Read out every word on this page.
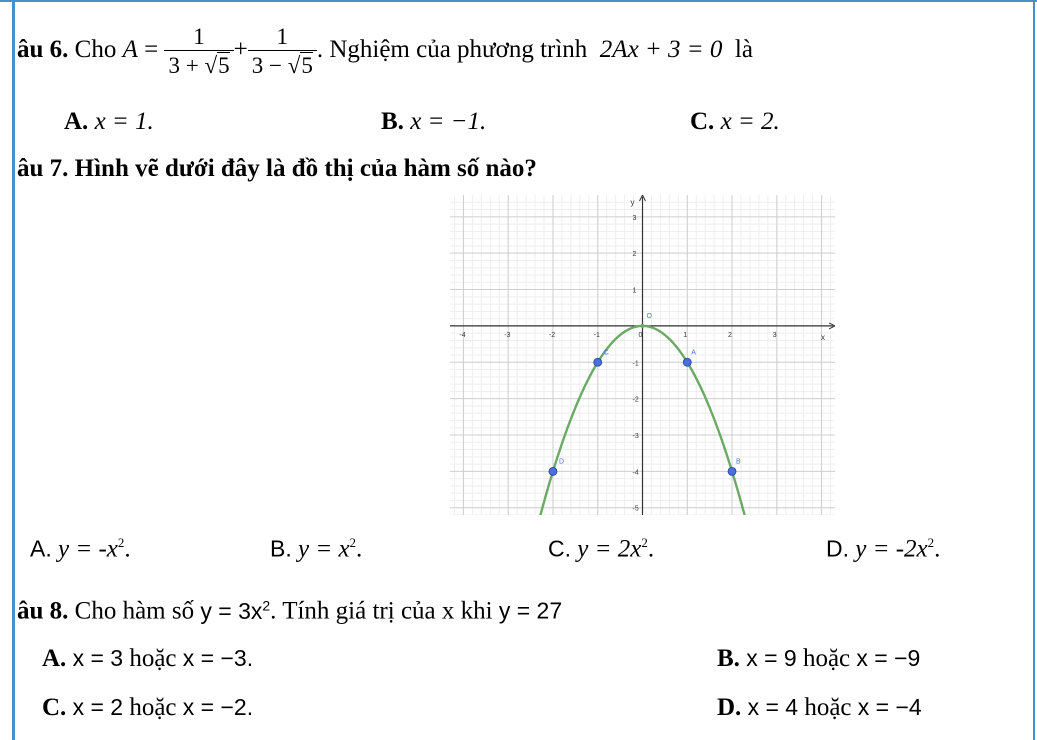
âu 6. Cho $A = \frac{1}{3 + √5} + \frac{1}{3 - √5}$ . Nghiệm của phương trình 2Ax + 3 = 0 là
A. x = 1.	B. x = −1.	C. x = 2.
âu 7. Hình vẽ dưới đây là đồ thị của hàm số nào?
x
y
-4	-3	-2	-1	0	1	2	3
-5
-4
-3
-2
-1
1
2
3
O
A
C
B
D
A. $y = -x^2$.	B. $y = x^2$.	C. $y = 2x^2$.	D. $y = -2x^2$.
âu 8. Cho hàm số $y = 3x^2$. Tính giá trị của x khi y = 27
A. x = 3 hoặc x = −3.	B. x = 9 hoặc x = −9
C. x = 2 hoặc x = −2.	D. x = 4 hoặc x = −4
